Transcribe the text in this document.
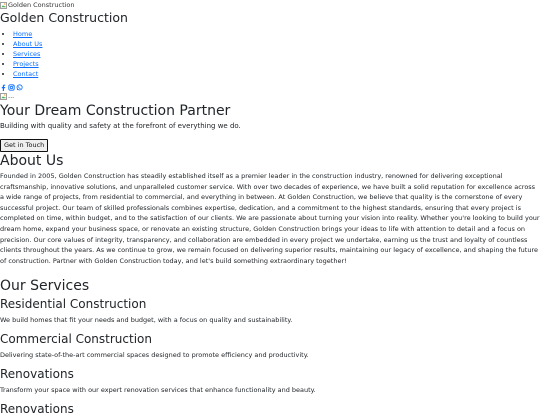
Golden Construction
Golden Construction
• Home
• About Us
• Services
• Projects
• Contact
...
Your Dream Construction Partner

Building with quality and safety at the forefront of everything we do.

Get in Touch
About Us

Founded in 2005, Golden Construction has steadily established itself as a premier leader in the construction industry, renowned for delivering exceptional craftsmanship, innovative solutions, and unparalleled customer service. With over two decades of experience, we have built a solid reputation for excellence across a wide range of projects, from residential to commercial, and everything in between. At Golden Construction, we believe that quality is the cornerstone of every successful project. Our team of skilled professionals combines expertise, dedication, and a commitment to the highest standards, ensuring that every project is completed on time, within budget, and to the satisfaction of our clients. We are passionate about turning your vision into reality. Whether you're looking to build your dream home, expand your business space, or renovate an existing structure, Golden Construction brings your ideas to life with attention to detail and a focus on precision. Our core values of integrity, transparency, and collaboration are embedded in every project we undertake, earning us the trust and loyalty of countless clients throughout the years. As we continue to grow, we remain focused on delivering superior results, maintaining our legacy of excellence, and shaping the future of construction. Partner with Golden Construction today, and let's build something extraordinary together!

Our Services
Residential Construction

We build homes that fit your needs and budget, with a focus on quality and sustainability.

Commercial Construction

Delivering state-of-the-art commercial spaces designed to promote efficiency and productivity.

Renovations

Transform your space with our expert renovation services that enhance functionality and beauty.

Renovations
